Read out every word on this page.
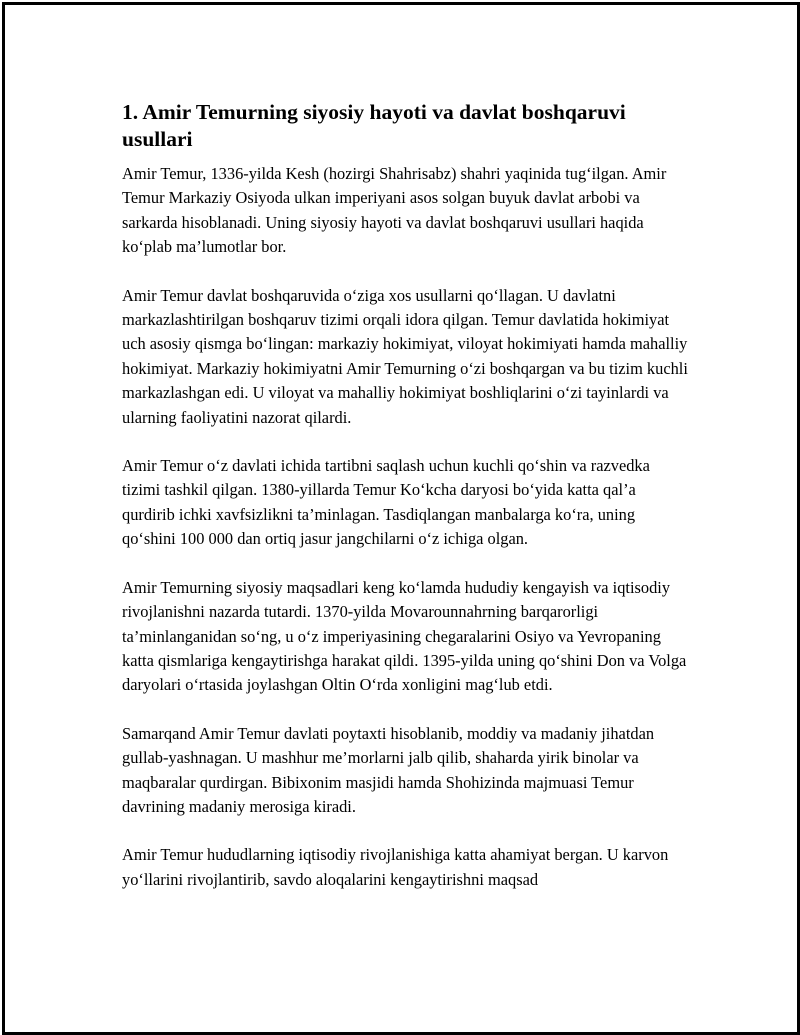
1. Amir Temurning siyosiy hayoti va davlat boshqaruvi usullari

Amir Temur, 1336-yilda Kesh (hozirgi Shahrisabz) shahri yaqinida tug‘ilgan. Amir Temur Markaziy Osiyoda ulkan imperiyani asos solgan buyuk davlat arbobi va sarkarda hisoblanadi. Uning siyosiy hayoti va davlat boshqaruvi usullari haqida ko‘plab ma’lumotlar bor.

Amir Temur davlat boshqaruvida o‘ziga xos usullarni qo‘llagan. U davlatni markazlashtirilgan boshqaruv tizimi orqali idora qilgan. Temur davlatida hokimiyat uch asosiy qismga bo‘lingan: markaziy hokimiyat, viloyat hokimiyati hamda mahalliy hokimiyat. Markaziy hokimiyatni Amir Temurning o‘zi boshqargan va bu tizim kuchli markazlashgan edi. U viloyat va mahalliy hokimiyat boshliqlarini o‘zi tayinlardi va ularning faoliyatini nazorat qilardi.

Amir Temur o‘z davlati ichida tartibni saqlash uchun kuchli qo‘shin va razvedka tizimi tashkil qilgan. 1380-yillarda Temur Ko‘kcha daryosi bo‘yida katta qal’a qurdirib ichki xavfsizlikni ta’minlagan. Tasdiqlangan manbalarga ko‘ra, uning qo‘shini 100 000 dan ortiq jasur jangchilarni o‘z ichiga olgan.

Amir Temurning siyosiy maqsadlari keng ko‘lamda hududiy kengayish va iqtisodiy rivojlanishni nazarda tutardi. 1370-yilda Movarounnahrning barqarorligi ta’minlanganidan so‘ng, u o‘z imperiyasining chegaralarini Osiyo va Yevropaning katta qismlariga kengaytirishga harakat qildi. 1395-yilda uning qo‘shini Don va Volga daryolari o‘rtasida joylashgan Oltin O‘rda xonligini mag‘lub etdi.

Samarqand Amir Temur davlati poytaxti hisoblanib, moddiy va madaniy jihatdan gullab-yashnagan. U mashhur me’morlarni jalb qilib, shaharda yirik binolar va maqbaralar qurdirgan. Bibixonim masjidi hamda Shohizinda majmuasi Temur davrining madaniy merosiga kiradi.

Amir Temur hududlarning iqtisodiy rivojlanishiga katta ahamiyat bergan. U karvon yo‘llarini rivojlantirib, savdo aloqalarini kengaytirishni maqsad
